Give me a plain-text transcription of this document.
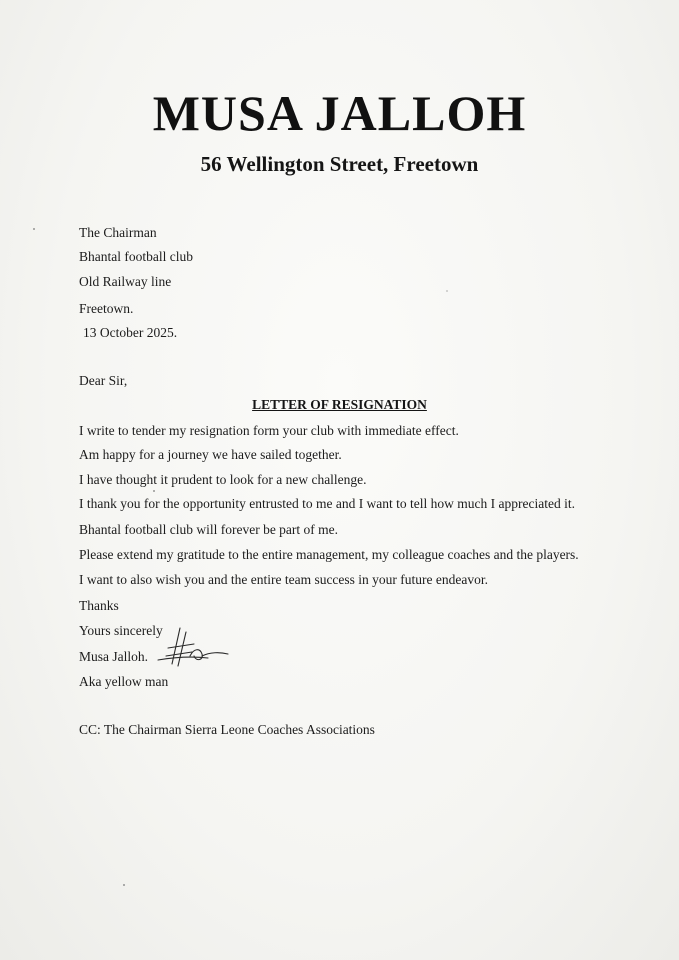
MUSA JALLOH
56 Wellington Street, Freetown
The Chairman
Bhantal football club
Old Railway line
Freetown.
13 October 2025.
Dear Sir,
LETTER OF RESIGNATION
I write to tender my resignation form your club with immediate effect.
Am happy for a journey we have sailed together.
I have thought it prudent to look for a new challenge.
I thank you for the opportunity entrusted to me and I want to tell how much I appreciated it.
Bhantal football club will forever be part of me.
Please extend my gratitude to the entire management, my colleague coaches and the players.
I want to also wish you and the entire team success in your future endeavor.
Thanks
Yours sincerely
Musa Jalloh.
Aka yellow man
CC: The Chairman Sierra Leone Coaches Associations
